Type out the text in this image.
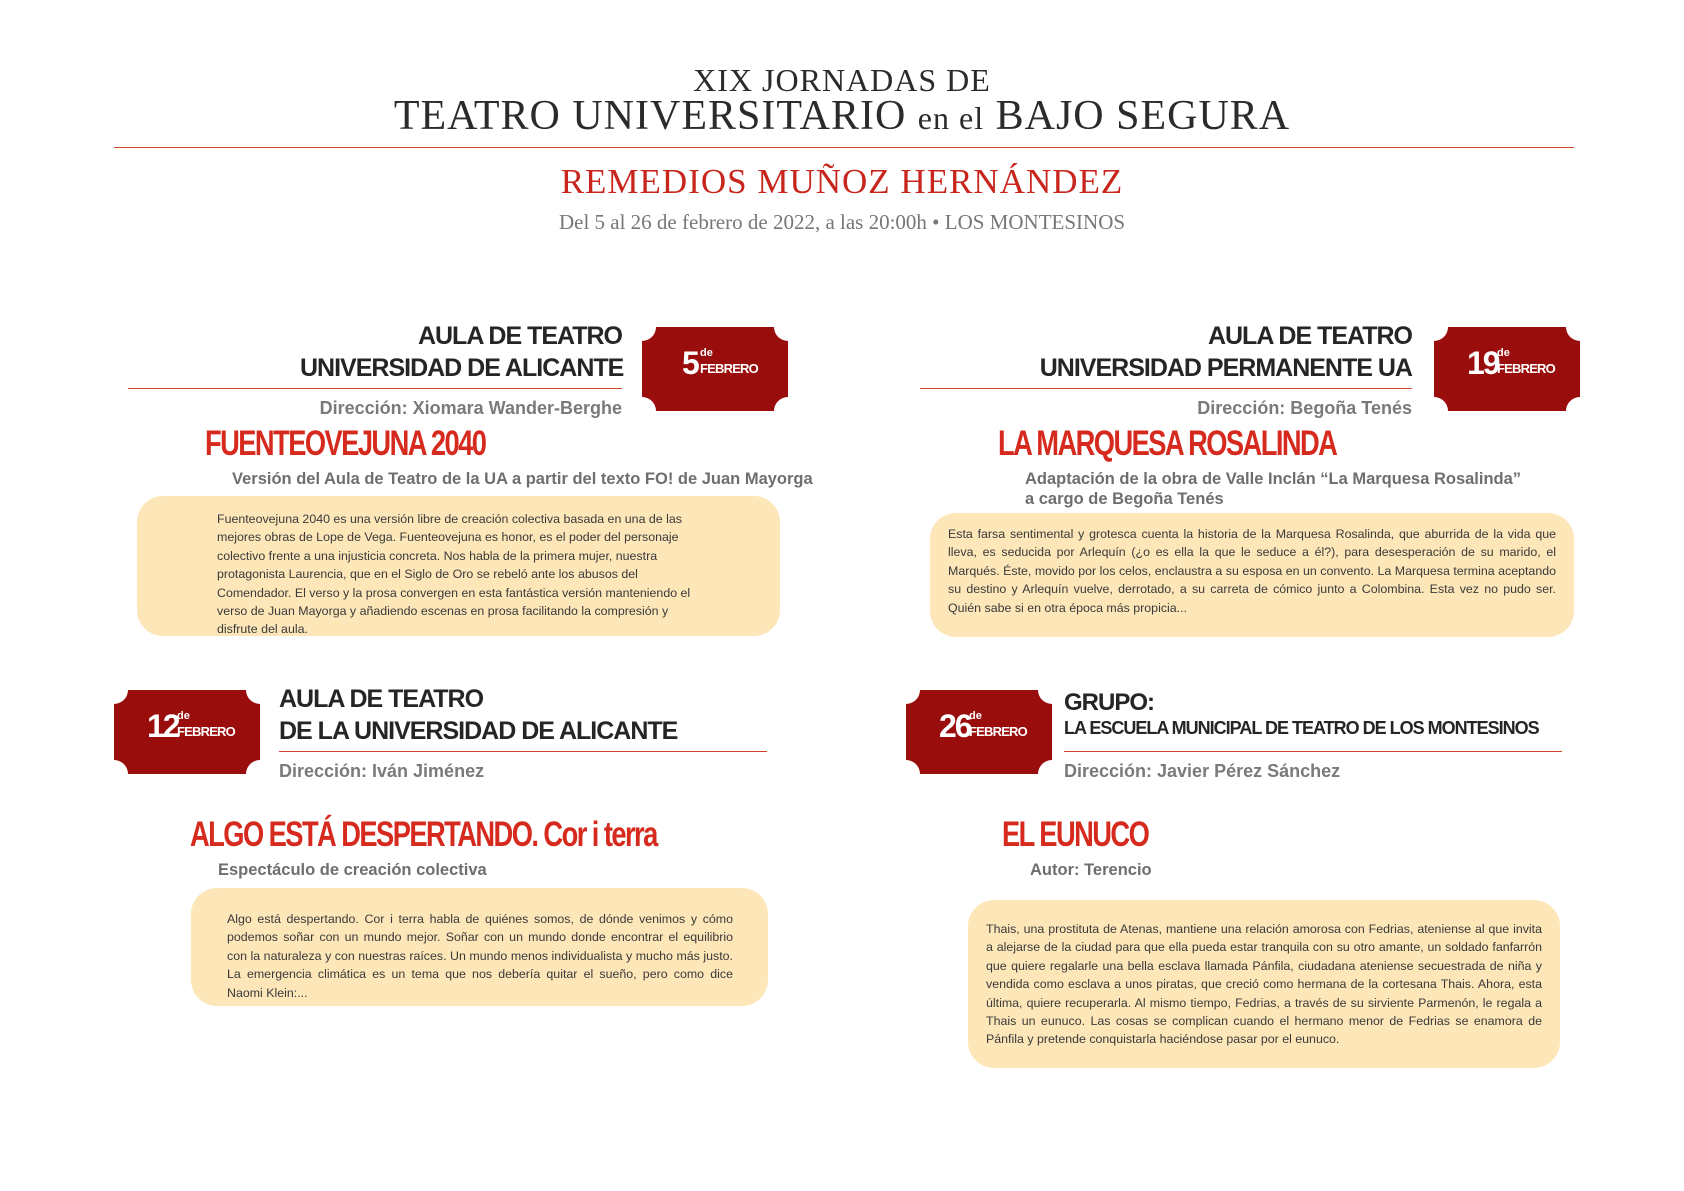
XIX JORNADAS DE
TEATRO UNIVERSITARIO en el BAJO SEGURA
REMEDIOS MUÑOZ HERNÁNDEZ
Del 5 al 26 de febrero de 2022, a las 20:00h • LOS MONTESINOS
AULA DE TEATRO
UNIVERSIDAD DE ALICANTE
Dirección: Xiomara Wander-Berghe
5 de
FEBRERO
FUENTEOVEJUNA 2040
Versión del Aula de Teatro de la UA a partir del texto FO! de Juan Mayorga

Fuenteovejuna 2040 es una versión libre de creación colectiva basada en una de las mejores obras de Lope de Vega. Fuenteovejuna es honor, es el poder del personaje colectivo frente a una injusticia concreta. Nos habla de la primera mujer, nuestra protagonista Laurencia, que en el Siglo de Oro se rebeló ante los abusos del Comendador. El verso y la prosa convergen en esta fantástica versión manteniendo el verso de Juan Mayorga y añadiendo escenas en prosa facilitando la compresión y disfrute del aula.

AULA DE TEATRO
UNIVERSIDAD PERMANENTE UA
Dirección: Begoña Tenés
19
de
FEBRERO
LA MARQUESA ROSALINDA
Adaptación de la obra de Valle Inclán “La Marquesa Rosalinda”
a cargo de Begoña Tenés

Esta farsa sentimental y grotesca cuenta la historia de la Marquesa Rosalinda, que aburrida de la vida que lleva, es seducida por Arlequín (¿o es ella la que le seduce a él?), para desesperación de su marido, el Marqués. Éste, movido por los celos, enclaustra a su esposa en un convento. La Marquesa termina aceptando su destino y Arlequín vuelve, derrotado, a su carreta de cómico junto a Colombina. Esta vez no pudo ser. Quién sabe si en otra época más propicia...

12
de
FEBRERO
AULA DE TEATRO
DE LA UNIVERSIDAD DE ALICANTE
Dirección: Iván Jiménez
ALGO ESTÁ DESPERTANDO. Cor i terra
Espectáculo de creación colectiva

Algo está despertando. Cor i terra habla de quiénes somos, de dónde venimos y cómo podemos soñar con un mundo mejor. Soñar con un mundo donde encontrar el equilibrio con la naturaleza y con nuestras raíces. Un mundo menos individualista y mucho más justo. La emergencia climática es un tema que nos debería quitar el sueño, pero como dice Naomi Klein:...

26
de
FEBRERO
GRUPO:
LA ESCUELA MUNICIPAL DE TEATRO DE LOS MONTESINOS
Dirección: Javier Pérez Sánchez
EL EUNUCO
Autor: Terencio

Thais, una prostituta de Atenas, mantiene una relación amorosa con Fedrias, ateniense al que invita a alejarse de la ciudad para que ella pueda estar tranquila con su otro amante, un soldado fanfarrón que quiere regalarle una bella esclava llamada Pánfila, ciudadana ateniense secuestrada de niña y vendida como esclava a unos piratas, que creció como hermana de la cortesana Thais. Ahora, esta última, quiere recuperarla. Al mismo tiempo, Fedrias, a través de su sirviente Parmenón, le regala a Thais un eunuco. Las cosas se complican cuando el hermano menor de Fedrias se enamora de Pánfila y pretende conquistarla haciéndose pasar por el eunuco.
